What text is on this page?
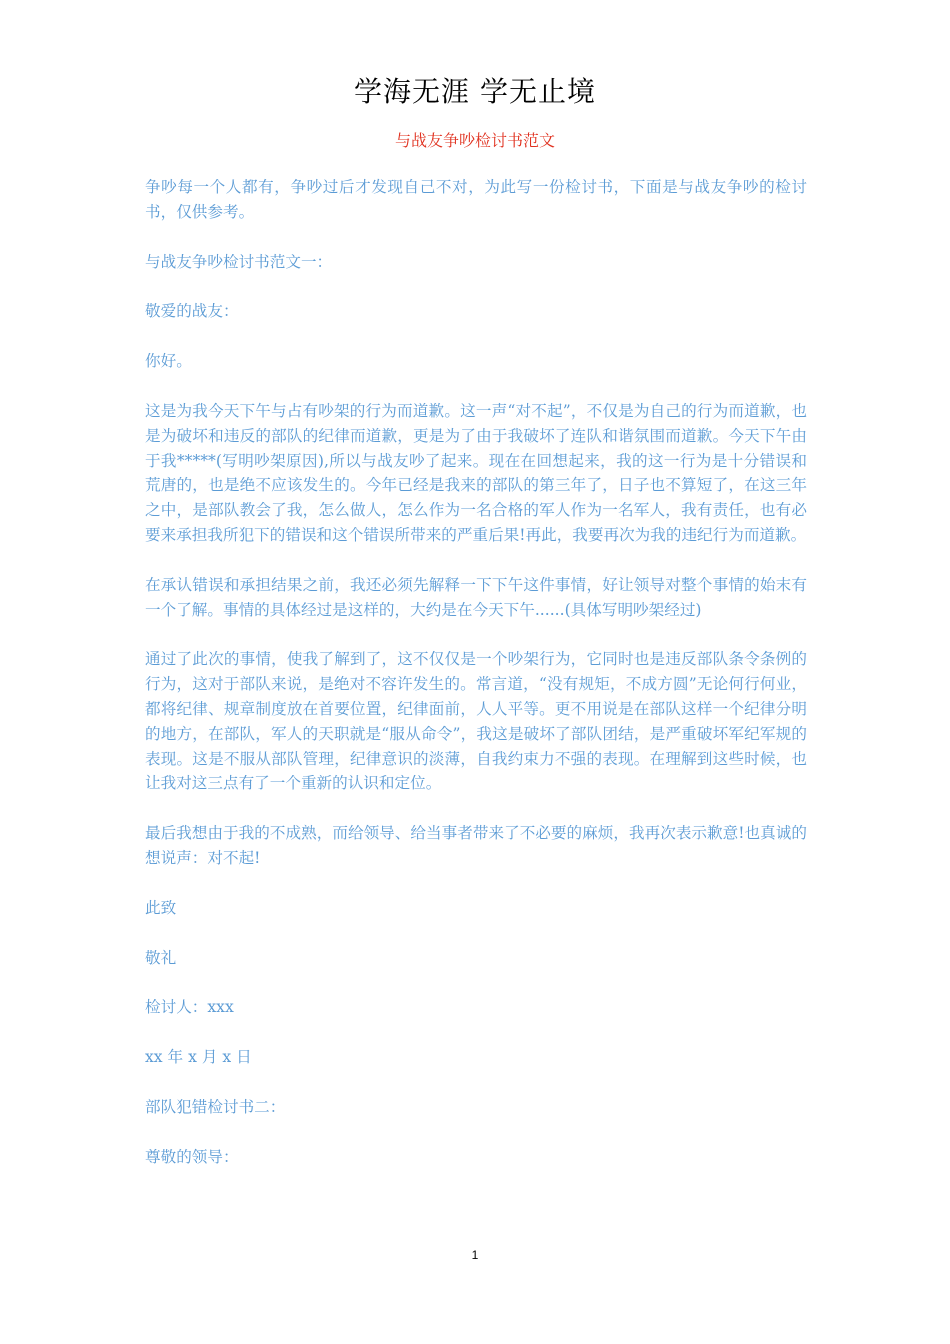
学海无涯 学无止境
与战友争吵检讨书范文

争吵每一个人都有，争吵过后才发现自己不对，为此写一份检讨书，下面是与战友争吵的检讨书，仅供参考。

与战友争吵检讨书范文一：

敬爱的战友：

你好。

这是为我今天下午与占有吵架的行为而道歉。这一声“对不起”，不仅是为自己的行为而道歉，也是为破坏和违反的部队的纪律而道歉，更是为了由于我破坏了连队和谐氛围而道歉。今天下午由于我*****(写明吵架原因),所以与战友吵了起来。现在在回想起来，我的这一行为是十分错误和荒唐的，也是绝不应该发生的。今年已经是我来的部队的第三年了，日子也不算短了，在这三年之中，是部队教会了我，怎么做人，怎么作为一名合格的军人作为一名军人，我有责任，也有必要来承担我所犯下的错误和这个错误所带来的严重后果!再此，我要再次为我的违纪行为而道歉。

在承认错误和承担结果之前，我还必须先解释一下下午这件事情，好让领导对整个事情的始末有一个了解。事情的具体经过是这样的，大约是在今天下午......(具体写明吵架经过)

通过了此次的事情，使我了解到了，这不仅仅是一个吵架行为，它同时也是违反部队条令条例的行为，这对于部队来说，是绝对不容许发生的。常言道，“没有规矩，不成方圆”无论何行何业，都将纪律、规章制度放在首要位置，纪律面前，人人平等。更不用说是在部队这样一个纪律分明的地方，在部队，军人的天职就是“服从命令”，我这是破坏了部队团结，是严重破坏军纪军规的表现。这是不服从部队管理，纪律意识的淡薄，自我约束力不强的表现。在理解到这些时候，也让我对这三点有了一个重新的认识和定位。

最后我想由于我的不成熟，而给领导、给当事者带来了不必要的麻烦，我再次表示歉意!也真诚的想说声：对不起!

此致

敬礼

检讨人：xxx

xx 年 x 月 x 日

部队犯错检讨书二：

尊敬的领导：

1
